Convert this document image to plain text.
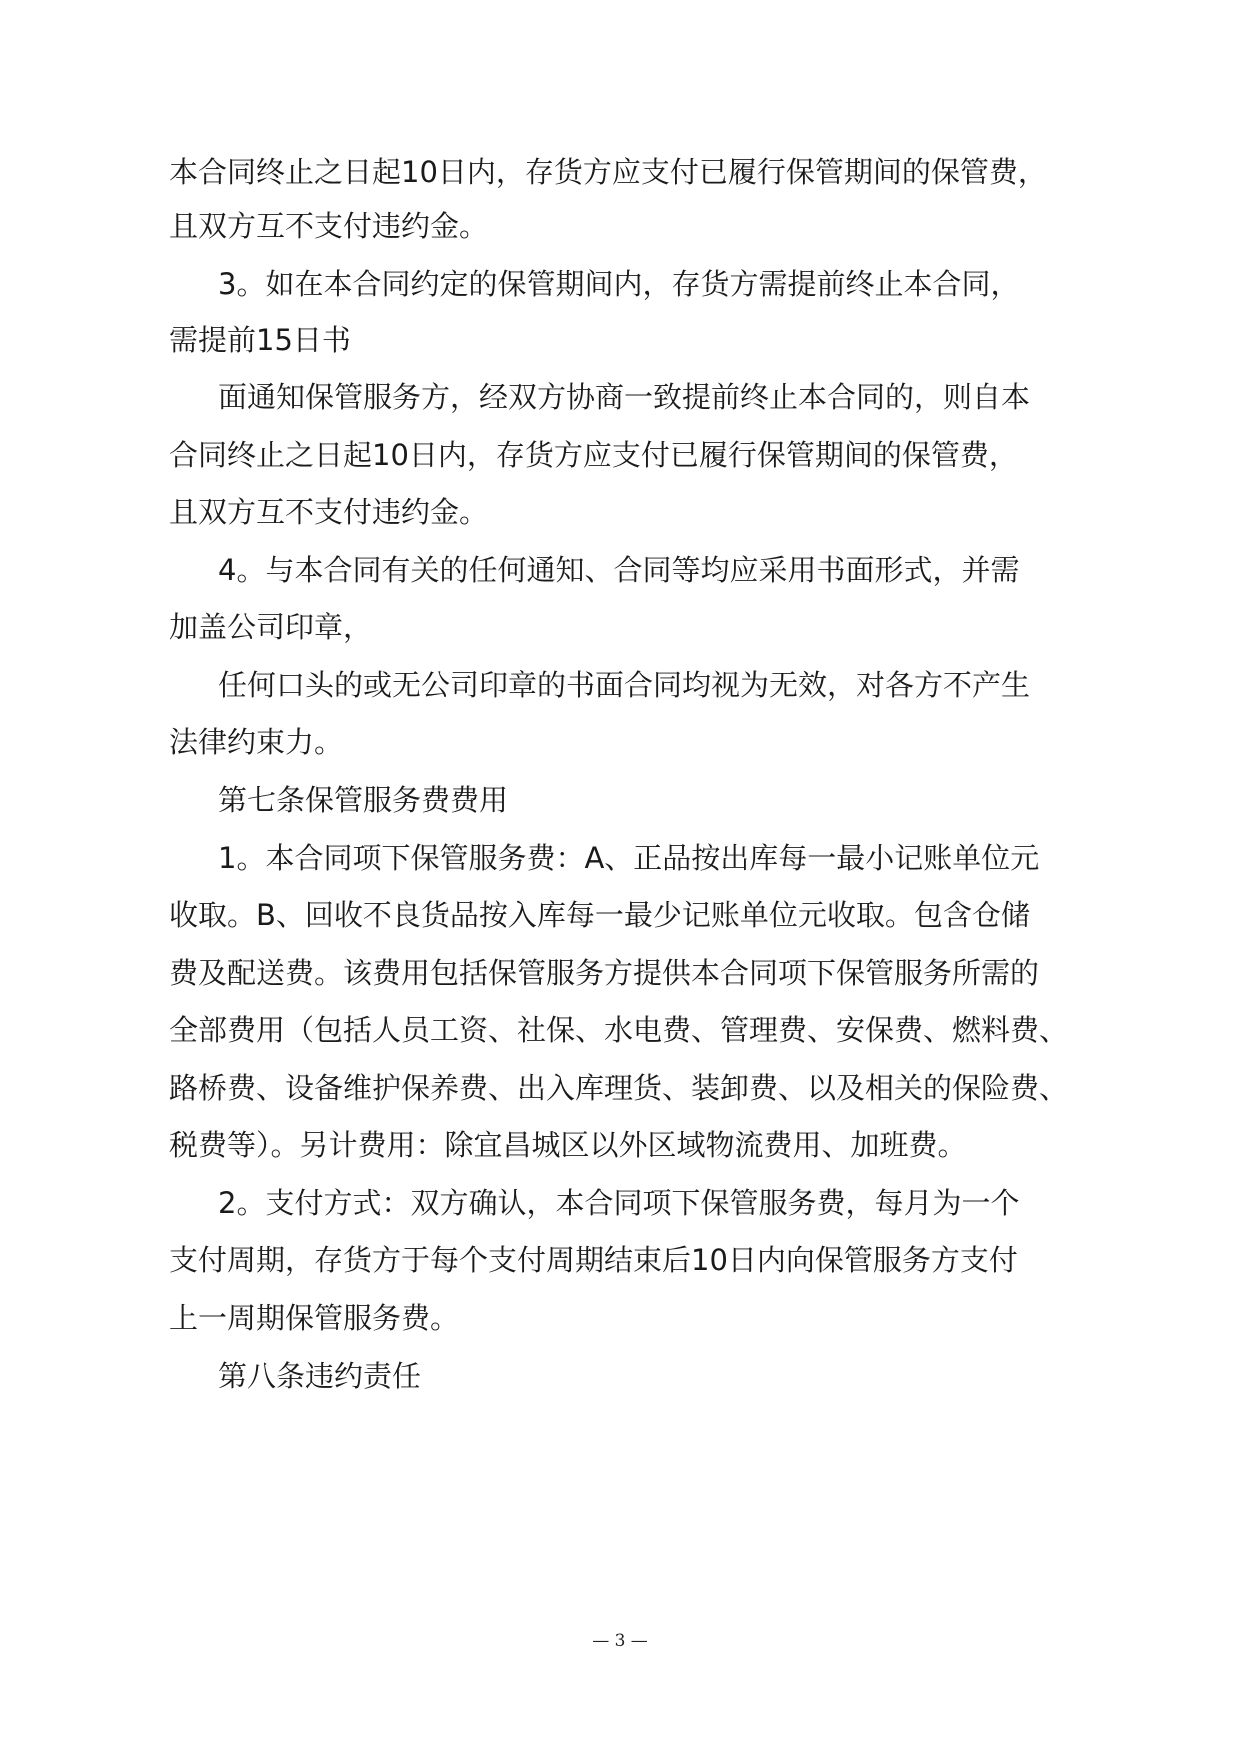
本合同终止之日起10日内，存货方应支付已履行保管期间的保管费，
且双方互不支付违约金。
3。如在本合同约定的保管期间内，存货方需提前终止本合同，
需提前15日书
面通知保管服务方，经双方协商一致提前终止本合同的，则自本
合同终止之日起10日内，存货方应支付已履行保管期间的保管费，
且双方互不支付违约金。
4。与本合同有关的任何通知、合同等均应采用书面形式，并需
加盖公司印章，
任何口头的或无公司印章的书面合同均视为无效，对各方不产生
法律约束力。
第七条保管服务费费用
1。本合同项下保管服务费：A、正品按出库每一最小记账单位元
收取。B、回收不良货品按入库每一最少记账单位元收取。包含仓储
费及配送费。该费用包括保管服务方提供本合同项下保管服务所需的
全部费用（包括人员工资、社保、水电费、管理费、安保费、燃料费、
路桥费、设备维护保养费、出入库理货、装卸费、以及相关的保险费、
税费等）。另计费用：除宜昌城区以外区域物流费用、加班费。
2。支付方式：双方确认，本合同项下保管服务费，每月为一个
支付周期，存货方于每个支付周期结束后10日内向保管服务方支付
上一周期保管服务费。
第八条违约责任
— 3 —
